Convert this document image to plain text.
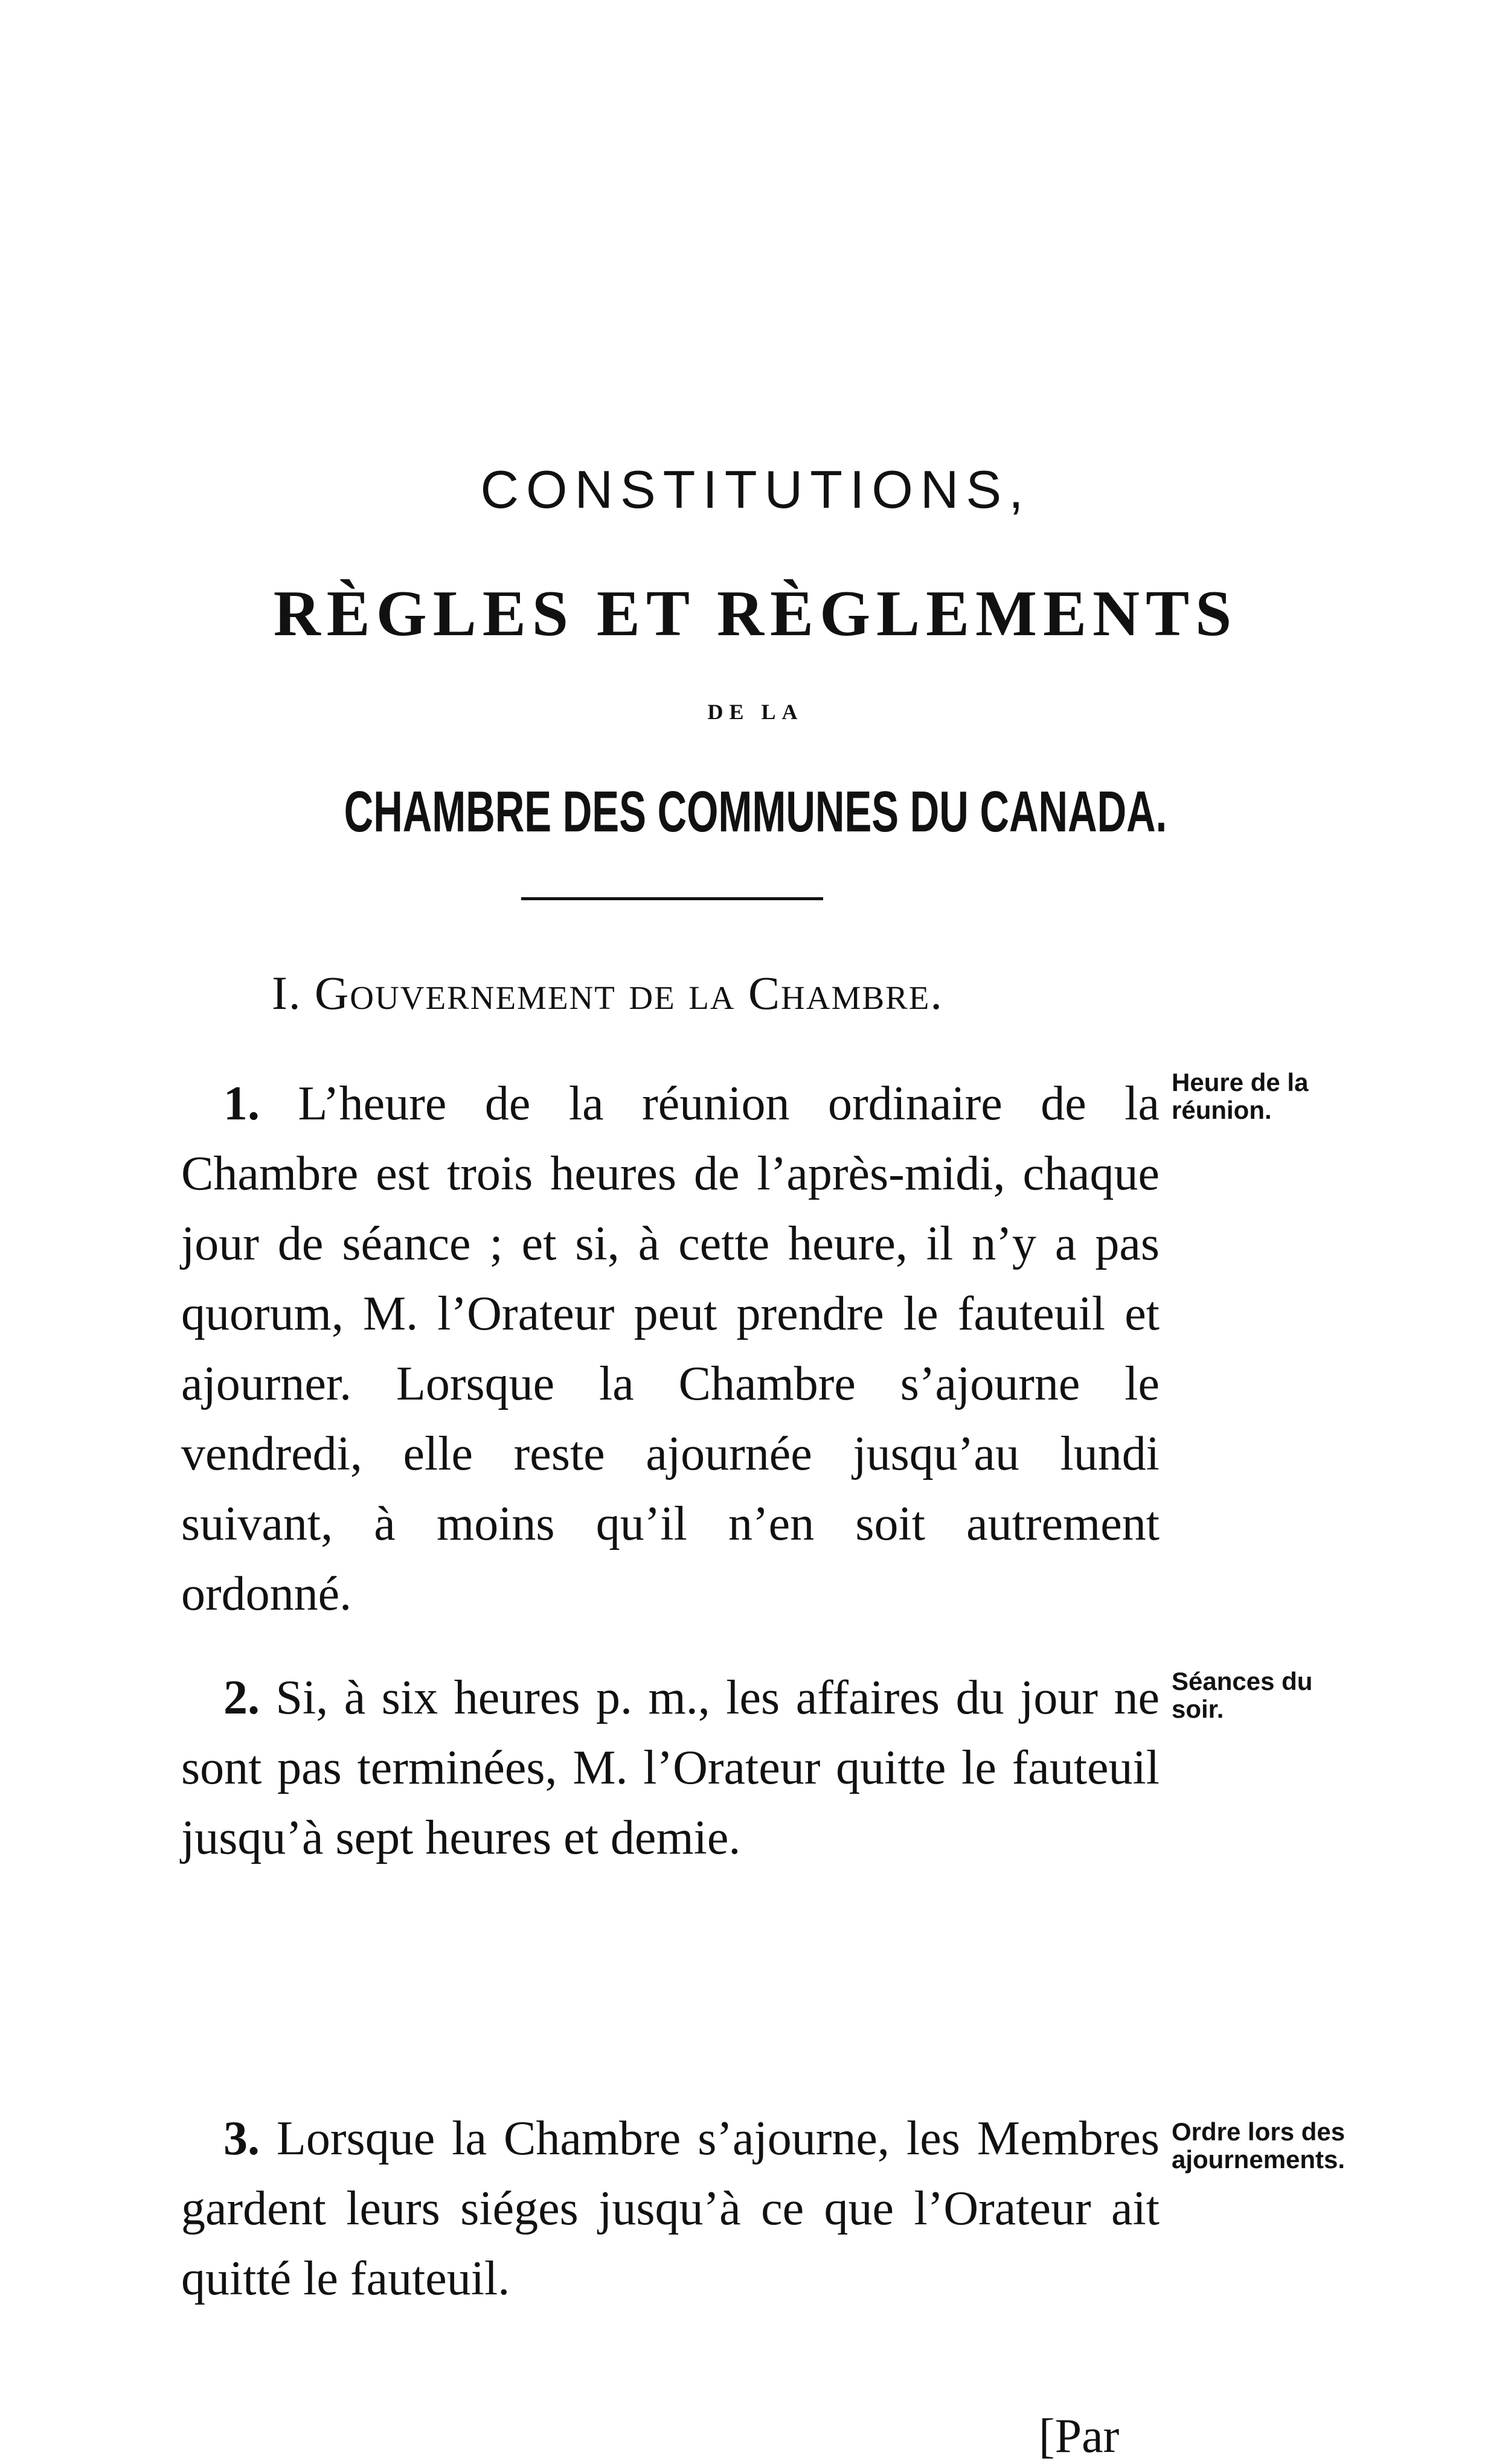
CONSTITUTIONS,
RÈGLES ET RÈGLEMENTS
DE LA
CHAMBRE DES COMMUNES DU CANADA.
I. Gouvernement de la Chambre.
1. L’heure de la réunion ordinaire de la Chambre est trois heures de l’après-midi, chaque jour de séance ; et si, à cette heure, il n’y a pas quorum, M. l’Orateur peut prendre le fauteuil et ajourner. Lorsque la Chambre s’ajourne le vendredi, elle reste ajournée jusqu’au lundi suivant, à moins qu’il n’en soit autrement ordonné.
Heure de la réunion.
2. Si, à six heures p. m., les affaires du jour ne sont pas terminées, M. l’Orateur quitte le fauteuil jusqu’à sept heures et demie.
Séances du soir.
3. Lorsque la Chambre s’ajourne, les Membres gardent leurs siéges jusqu’à ce que l’Orateur ait quitté le fauteuil.
Ordre lors des ajournements.
[Par
